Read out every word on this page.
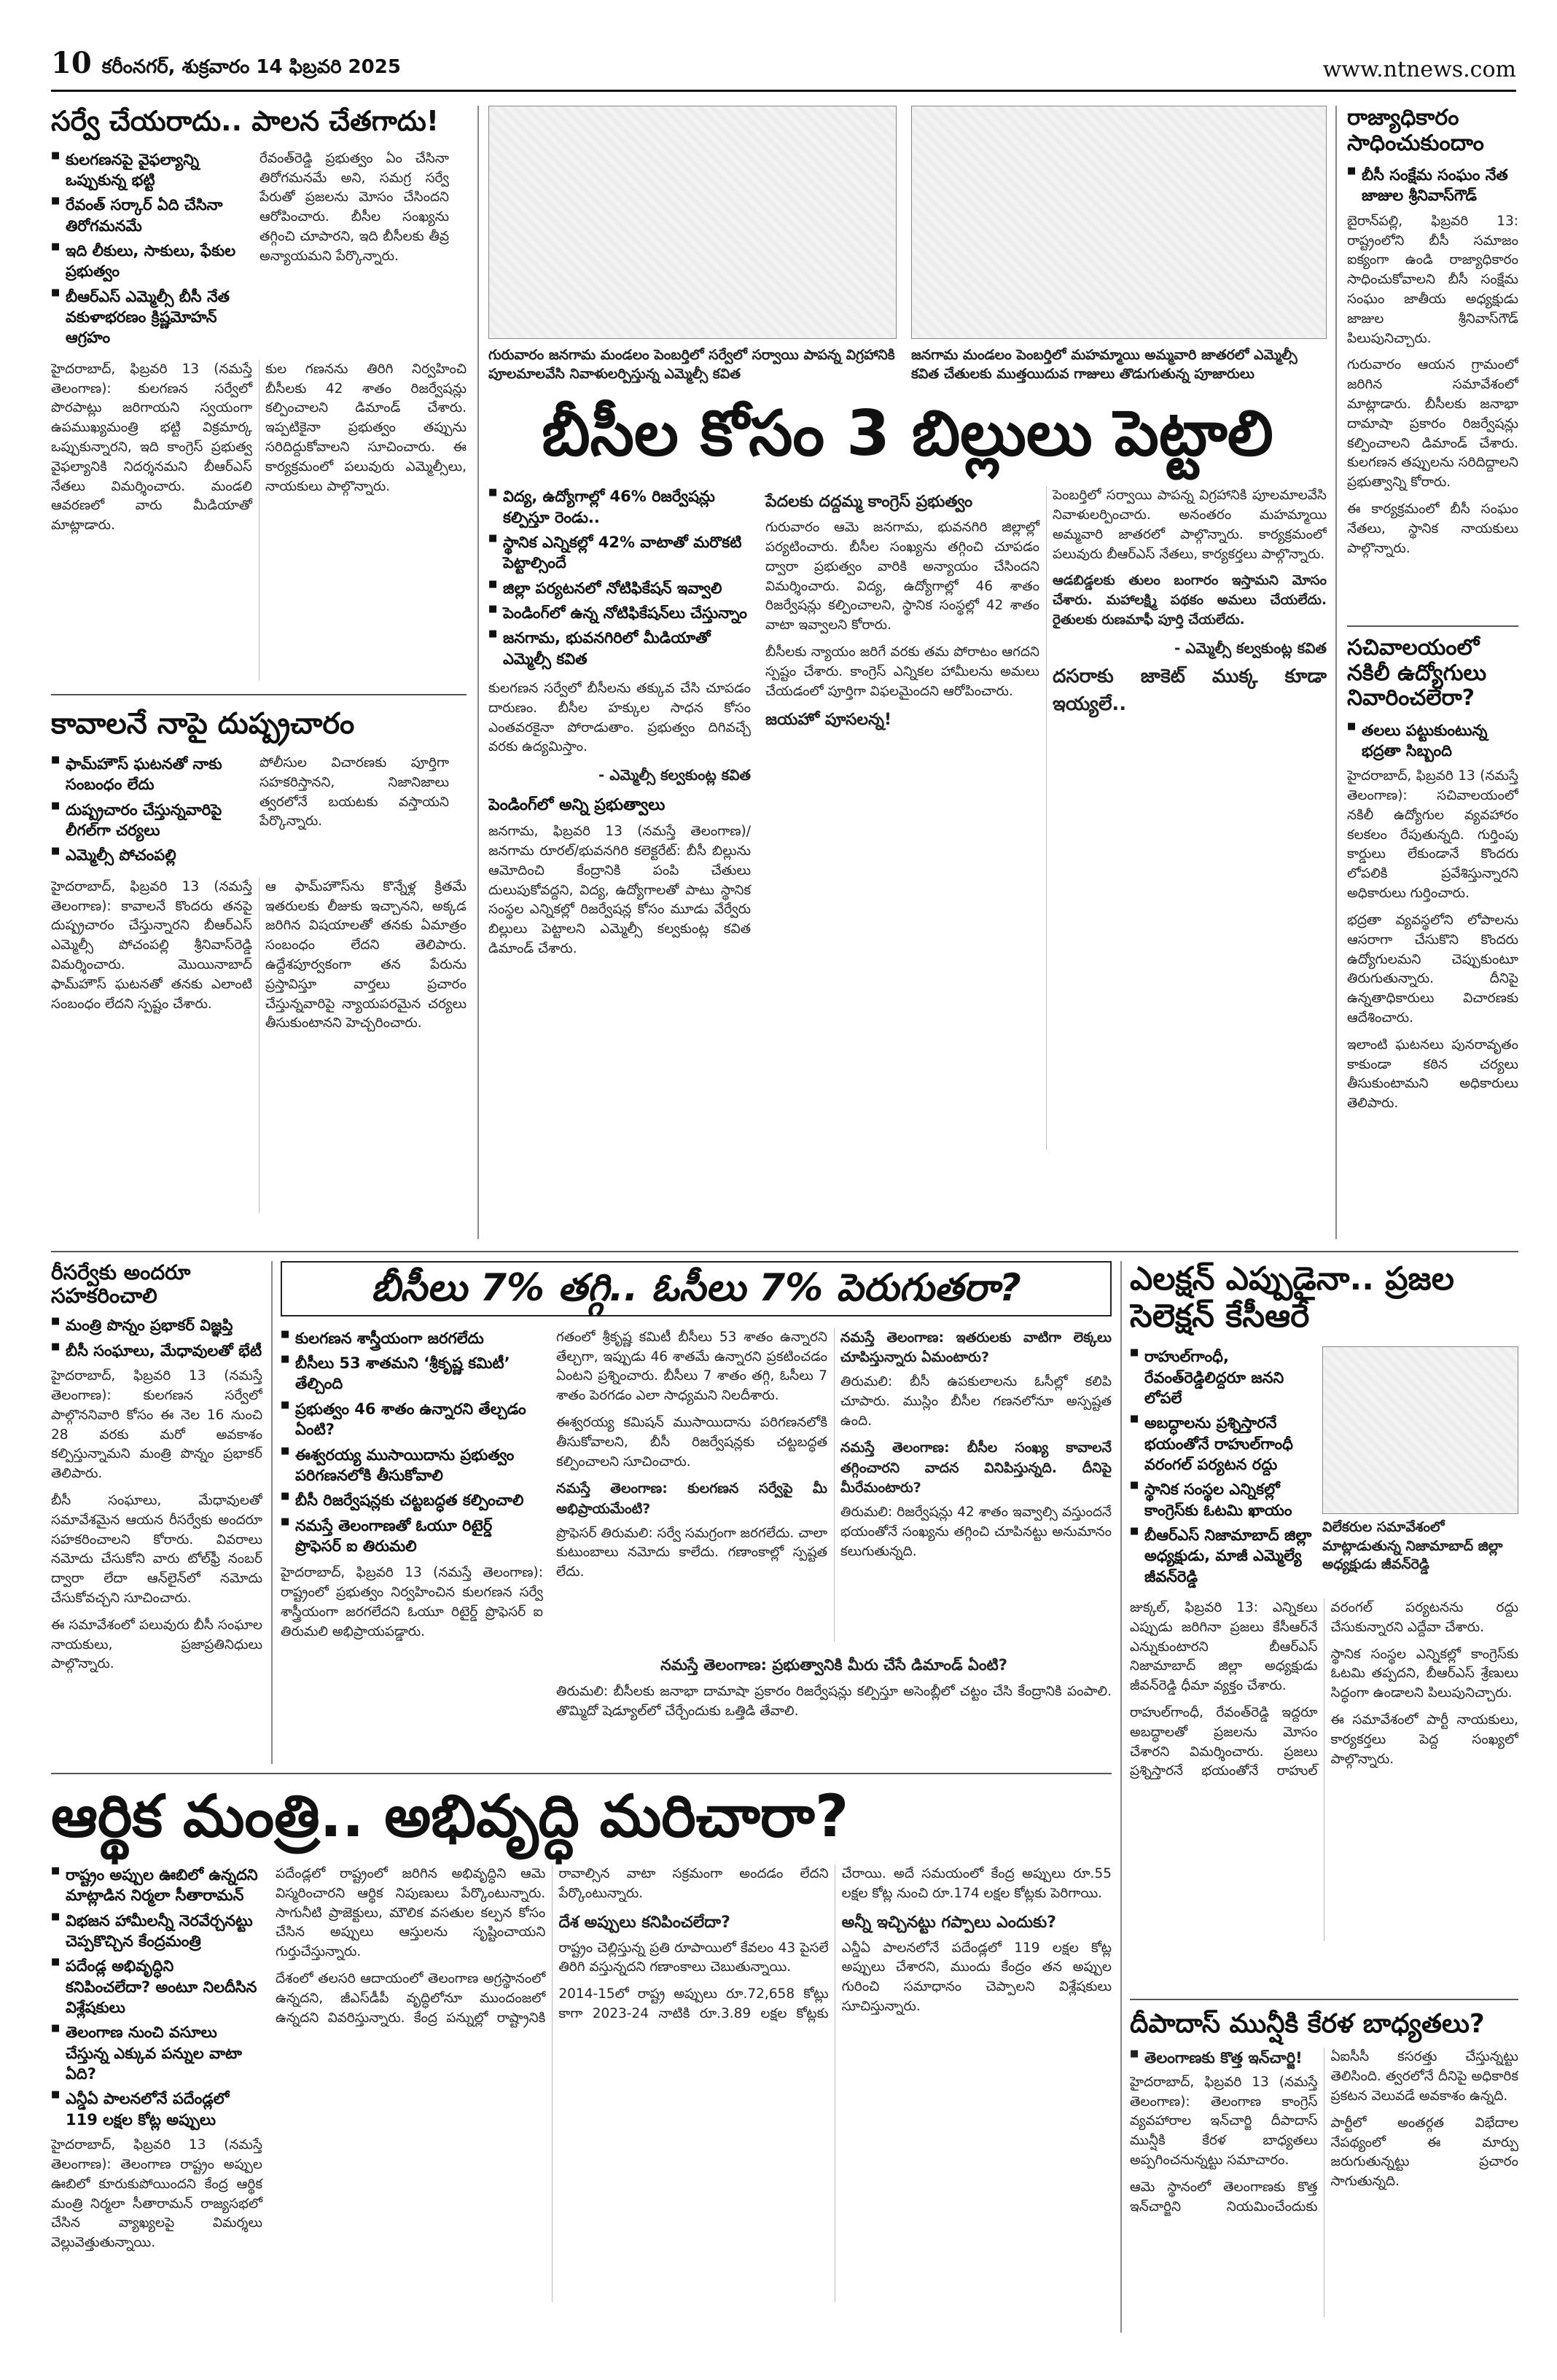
10 కరీంనగర్‌, శుక్రవారం 14 ఫిబ్రవరి 2025	www.ntnews.com
సర్వే చేయరాదు.. పాలన చేతగాదు!
■ కులగణనపై వైఫల్యాన్ని ఒప్పుకున్న భట్టి
■ రేవంత్‌ సర్కార్‌ ఏది చేసినా తిరోగమనమే
■ ఇది లీకులు, సాకులు, ఫేకుల ప్రభుత్వం
■ బీఆర్‌ఎస్‌ ఎమ్మెల్సీ బీసీ నేత వకుళాభరణం క్రిష్ణమోహన్‌ ఆగ్రహం

రేవంత్‌రెడ్డి ప్రభుత్వం ఏం చేసినా తిరోగమనమే అని, సమగ్ర సర్వే పేరుతో ప్రజలను మోసం చేసిందని ఆరోపించారు. బీసీల సంఖ్యను తగ్గించి చూపారని, ఇది బీసీలకు తీవ్ర అన్యాయమని పేర్కొన్నారు.

హైదరాబాద్‌, ఫిబ్రవరి 13 (నమస్తే తెలంగాణ): కులగణన సర్వేలో పొరపాట్లు జరిగాయని స్వయంగా ఉపముఖ్యమంత్రి భట్టి విక్రమార్క ఒప్పుకున్నారని, ఇది కాంగ్రెస్‌ ప్రభుత్వ వైఫల్యానికి నిదర్శనమని బీఆర్‌ఎస్‌ నేతలు విమర్శించారు. మండలి ఆవరణలో వారు మీడియాతో మాట్లాడారు.

కుల గణనను తిరిగి నిర్వహించి బీసీలకు 42 శాతం రిజర్వేషన్లు కల్పించాలని డిమాండ్‌ చేశారు. ఇప్పటికైనా ప్రభుత్వం తప్పును సరిదిద్దుకోవాలని సూచించారు. ఈ కార్యక్రమంలో పలువురు ఎమ్మెల్సీలు, నాయకులు పాల్గొన్నారు.

కావాలనే నాపై దుష్ప్రచారం
■ ఫామ్‌హౌస్‌ ఘటనతో నాకు సంబంధం లేదు
■ దుష్ప్రచారం చేస్తున్నవారిపై లీగల్‌గా చర్యలు
■ ఎమ్మెల్సీ పోచంపల్లి

పోలీసుల విచారణకు పూర్తిగా సహకరిస్తానని, నిజానిజాలు త్వరలోనే బయటకు వస్తాయని పేర్కొన్నారు.

హైదరాబాద్‌, ఫిబ్రవరి 13 (నమస్తే తెలంగాణ): కావాలనే కొందరు తనపై దుష్ప్రచారం చేస్తున్నారని బీఆర్‌ఎస్‌ ఎమ్మెల్సీ పోచంపల్లి శ్రీనివాస్‌రెడ్డి విమర్శించారు. మొయినాబాద్‌ ఫామ్‌హౌస్‌ ఘటనతో తనకు ఎలాంటి సంబంధం లేదని స్పష్టం చేశారు.

ఆ ఫామ్‌హౌస్‌ను కొన్నేళ్ల క్రితమే ఇతరులకు లీజుకు ఇచ్చానని, అక్కడ జరిగిన విషయాలతో తనకు ఏమాత్రం సంబంధం లేదని తెలిపారు. ఉద్దేశపూర్వకంగా తన పేరును ప్రస్తావిస్తూ వార్తలు ప్రచారం చేస్తున్నవారిపై న్యాయపరమైన చర్యలు తీసుకుంటానని హెచ్చరించారు.

గురువారం జనగామ మండలం పెంబర్తిలో సర్వేలో సర్వాయి పాపన్న విగ్రహానికి పూలమాలవేసి నివాళులర్పిస్తున్న ఎమ్మెల్సీ కవిత
జనగామ మండలం పెంబర్తిలో మహమ్మాయి అమ్మవారి జాతరలో ఎమ్మెల్సీ కవిత చేతులకు ముత్తయిదువ గాజులు తొడుగుతున్న పూజారులు
బీసీల కోసం 3 బిల్లులు పెట్టాలి
■ విద్య, ఉద్యోగాల్లో 46% రిజర్వేషన్లు కల్పిస్తూ రెండు..
■ స్థానిక ఎన్నికల్లో 42% వాటాతో మరొకటి పెట్టాల్సిందే
■ జిల్లా పర్యటనలో నోటిఫికేషన్‌ ఇవ్వాలి
■ పెండింగ్‌లో ఉన్న నోటిఫికేషన్‌లు చేస్తున్నాం
■ జనగామ, భువనగిరిలో మీడియాతో ఎమ్మెల్సీ కవిత

కులగణన సర్వేలో బీసీలను తక్కువ చేసి చూపడం దారుణం. బీసీల హక్కుల సాధన కోసం ఎంతవరకైనా పోరాడుతాం. ప్రభుత్వం దిగివచ్చే వరకు ఉద్యమిస్తాం.

- ఎమ్మెల్సీ కల్వకుంట్ల కవిత
పెండింగ్‌లో అన్ని ప్రభుత్వాలు

జనగామ, ఫిబ్రవరి 13 (నమస్తే తెలంగాణ)/జనగామ రూరల్‌/భువనగిరి కలెక్టరేట్‌: బీసీ బిల్లును ఆమోదించి కేంద్రానికి పంపి చేతులు దులుపుకోవద్దని, విద్య, ఉద్యోగాలతో పాటు స్థానిక సంస్థల ఎన్నికల్లో రిజర్వేషన్ల కోసం మూడు వేర్వేరు బిల్లులు పెట్టాలని ఎమ్మెల్సీ కల్వకుంట్ల కవిత డిమాండ్‌ చేశారు.

పేదలకు దద్దమ్మ కాంగ్రెస్‌ ప్రభుత్వం

గురువారం ఆమె జనగామ, భువనగిరి జిల్లాల్లో పర్యటించారు. బీసీల సంఖ్యను తగ్గించి చూపడం ద్వారా ప్రభుత్వం వారికి అన్యాయం చేసిందని విమర్శించారు. విద్య, ఉద్యోగాల్లో 46 శాతం రిజర్వేషన్లు కల్పించాలని, స్థానిక సంస్థల్లో 42 శాతం వాటా ఇవ్వాలని కోరారు.

బీసీలకు న్యాయం జరిగే వరకు తమ పోరాటం ఆగదని స్పష్టం చేశారు. కాంగ్రెస్‌ ఎన్నికల హామీలను అమలు చేయడంలో పూర్తిగా విఫలమైందని ఆరోపించారు.

జయహో పూసలన్న!

పెంబర్తిలో సర్వాయి పాపన్న విగ్రహానికి పూలమాలవేసి నివాళులర్పించారు. అనంతరం మహమ్మాయి అమ్మవారి జాతరలో పాల్గొన్నారు. కార్యక్రమంలో పలువురు బీఆర్‌ఎస్‌ నేతలు, కార్యకర్తలు పాల్గొన్నారు.

ఆడబిడ్డలకు తులం బంగారం ఇస్తామని మోసం చేశారు. మహాలక్ష్మి పథకం అమలు చేయలేదు. రైతులకు రుణమాఫీ పూర్తి చేయలేదు.

- ఎమ్మెల్సీ కల్వకుంట్ల కవిత
దసరాకు జాకెట్‌ ముక్క కూడా ఇయ్యలే..
రాజ్యాధికారం సాధించుకుందాం
■ బీసీ సంక్షేమ సంఘం నేత జాజుల శ్రీనివాస్‌గౌడ్‌

బైరాన్‌పల్లి, ఫిబ్రవరి 13: రాష్ట్రంలోని బీసీ సమాజం ఐక్యంగా ఉండి రాజ్యాధికారం సాధించుకోవాలని బీసీ సంక్షేమ సంఘం జాతీయ అధ్యక్షుడు జాజుల శ్రీనివాస్‌గౌడ్‌ పిలుపునిచ్చారు.

గురువారం ఆయన గ్రామంలో జరిగిన సమావేశంలో మాట్లాడారు. బీసీలకు జనాభా దామాషా ప్రకారం రిజర్వేషన్లు కల్పించాలని డిమాండ్‌ చేశారు. కులగణన తప్పులను సరిదిద్దాలని ప్రభుత్వాన్ని కోరారు.

ఈ కార్యక్రమంలో బీసీ సంఘం నేతలు, స్థానిక నాయకులు పాల్గొన్నారు.

సచివాలయంలో నకిలీ ఉద్యోగులు నివారించలేరా?
■ తలలు పట్టుకుంటున్న భద్రతా సిబ్బంది

హైదరాబాద్‌, ఫిబ్రవరి 13 (నమస్తే తెలంగాణ): సచివాలయంలో నకిలీ ఉద్యోగుల వ్యవహారం కలకలం రేపుతున్నది. గుర్తింపు కార్డులు లేకుండానే కొందరు లోపలికి ప్రవేశిస్తున్నారని అధికారులు గుర్తించారు.

భద్రతా వ్యవస్థలోని లోపాలను ఆసరాగా చేసుకొని కొందరు ఉద్యోగులమని చెప్పుకుంటూ తిరుగుతున్నారు. దీనిపై ఉన్నతాధికారులు విచారణకు ఆదేశించారు.

ఇలాంటి ఘటనలు పునరావృతం కాకుండా కఠిన చర్యలు తీసుకుంటామని అధికారులు తెలిపారు.

రీసర్వేకు అందరూ సహకరించాలి
■ మంత్రి పొన్నం ప్రభాకర్‌ విజ్ఞప్తి
■ బీసీ సంఘాలు, మేధావులతో భేటీ

హైదరాబాద్‌, ఫిబ్రవరి 13 (నమస్తే తెలంగాణ): కులగణన సర్వేలో పాల్గొననివారి కోసం ఈ నెల 16 నుంచి 28 వరకు మరో అవకాశం కల్పిస్తున్నామని మంత్రి పొన్నం ప్రభాకర్‌ తెలిపారు.

బీసీ సంఘాలు, మేధావులతో సమావేశమైన ఆయన రీసర్వేకు అందరూ సహకరించాలని కోరారు. వివరాలు నమోదు చేసుకోని వారు టోల్‌ఫ్రీ నంబర్‌ ద్వారా లేదా ఆన్‌లైన్‌లో నమోదు చేసుకోవచ్చని సూచించారు.

ఈ సమావేశంలో పలువురు బీసీ సంఘాల నాయకులు, ప్రజాప్రతినిధులు పాల్గొన్నారు.

బీసీలు 7% తగ్గి.. ఓసీలు 7% పెరుగుతరా?
■ కులగణన శాస్త్రీయంగా జరగలేదు
■ బీసీలు 53 శాతమని ‘శ్రీకృష్ణ కమిటీ’ తేల్చింది
■ ప్రభుత్వం 46 శాతం ఉన్నారని తేల్చడం ఏంటి?
■ ఈశ్వరయ్య ముసాయిదాను ప్రభుత్వం పరిగణనలోకి తీసుకోవాలి
■ బీసీ రిజర్వేషన్లకు చట్టబద్ధత కల్పించాలి
■ నమస్తే తెలంగాణతో ఓయూ రిటైర్డ్‌ ప్రొఫెసర్‌ ఐ తిరుమలి

హైదరాబాద్‌, ఫిబ్రవరి 13 (నమస్తే తెలంగాణ): రాష్ట్రంలో ప్రభుత్వం నిర్వహించిన కులగణన సర్వే శాస్త్రీయంగా జరగలేదని ఓయూ రిటైర్డ్‌ ప్రొఫెసర్‌ ఐ తిరుమలి అభిప్రాయపడ్డారు.

గతంలో శ్రీకృష్ణ కమిటీ బీసీలు 53 శాతం ఉన్నారని తేల్చగా, ఇప్పుడు 46 శాతమే ఉన్నారని ప్రకటించడం ఏంటని ప్రశ్నించారు. బీసీలు 7 శాతం తగ్గి, ఓసీలు 7 శాతం పెరగడం ఎలా సాధ్యమని నిలదీశారు.

ఈశ్వరయ్య కమిషన్‌ ముసాయిదాను పరిగణనలోకి తీసుకోవాలని, బీసీ రిజర్వేషన్లకు చట్టబద్ధత కల్పించాలని సూచించారు.

నమస్తే తెలంగాణ: కులగణన సర్వేపై మీ అభిప్రాయమేంటి?

ప్రొఫెసర్‌ తిరుమలి: సర్వే సమగ్రంగా జరగలేదు. చాలా కుటుంబాలు నమోదు కాలేదు. గణాంకాల్లో స్పష్టత లేదు.

నమస్తే తెలంగాణ: ఇతరులకు వాటిగా లెక్కలు చూపిస్తున్నారు ఏమంటారు?

తిరుమలి: బీసీ ఉపకులాలను ఓసీల్లో కలిపి చూపారు. ముస్లిం బీసీల గణనలోనూ అస్పష్టత ఉంది.

నమస్తే తెలంగాణ: బీసీల సంఖ్య కావాలనే తగ్గించారని వాదన వినిపిస్తున్నది. దీనిపై మీరేమంటారు?

తిరుమలి: రిజర్వేషన్లు 42 శాతం ఇవ్వాల్సి వస్తుందనే భయంతోనే సంఖ్యను తగ్గించి చూపినట్టు అనుమానం కలుగుతున్నది.

నమస్తే తెలంగాణ: ప్రభుత్వానికి మీరు చేసే డిమాండ్‌ ఏంటి?

తిరుమలి: బీసీలకు జనాభా దామాషా ప్రకారం రిజర్వేషన్లు కల్పిస్తూ అసెంబ్లీలో చట్టం చేసి కేంద్రానికి పంపాలి. తొమ్మిదో షెడ్యూల్‌లో చేర్చేందుకు ఒత్తిడి తేవాలి.

ఎలక్షన్‌ ఎప్పుడైనా.. ప్రజల సెలెక్షన్‌ కేసీఆరే
■ రాహుల్‌గాంధీ, రేవంత్‌రెడ్డిలిద్దరూ జనని లోపలే
■ అబద్ధాలను ప్రశ్నిస్తారనే భయంతోనే రాహుల్‌గాంధీ వరంగల్‌ పర్యటన రద్దు
■ స్థానిక సంస్థల ఎన్నికల్లో కాంగ్రెస్‌కు ఓటమి ఖాయం
■ బీఆర్‌ఎస్‌ నిజామాబాద్‌ జిల్లా అధ్యక్షుడు, మాజీ ఎమ్మెల్యే జీవన్‌రెడ్డి
విలేకరుల సమావేశంలో మాట్లాడుతున్న నిజామాబాద్‌ జిల్లా అధ్యక్షుడు జీవన్‌రెడ్డి

జుక్కల్‌, ఫిబ్రవరి 13: ఎన్నికలు ఎప్పుడు జరిగినా ప్రజలు కేసీఆర్‌నే ఎన్నుకుంటారని బీఆర్‌ఎస్‌ నిజామాబాద్‌ జిల్లా అధ్యక్షుడు జీవన్‌రెడ్డి ధీమా వ్యక్తం చేశారు.

రాహుల్‌గాంధీ, రేవంత్‌రెడ్డి ఇద్దరూ అబద్ధాలతో ప్రజలను మోసం చేశారని విమర్శించారు. ప్రజలు ప్రశ్నిస్తారనే భయంతోనే రాహుల్‌ వరంగల్‌ పర్యటనను రద్దు చేసుకున్నారని ఎద్దేవా చేశారు.

స్థానిక సంస్థల ఎన్నికల్లో కాంగ్రెస్‌కు ఓటమి తప్పదని, బీఆర్‌ఎస్‌ శ్రేణులు సిద్ధంగా ఉండాలని పిలుపునిచ్చారు.

ఈ సమావేశంలో పార్టీ నాయకులు, కార్యకర్తలు పెద్ద సంఖ్యలో పాల్గొన్నారు.

ఆర్థిక మంత్రి.. అభివృద్ధి మరిచారా?
■ రాష్ట్రం అప్పుల ఊబిలో ఉన్నదని మాట్లాడిన నిర్మలా సీతారామన్‌
■ విభజన హామీలన్నీ నెరవేర్చనట్టు చెప్పకొచ్చిన కేంద్రమంత్రి
■ పదేండ్ల అభివృద్ధిని కనిపించలేదా? అంటూ నిలదీసిన విశ్లేషకులు
■ తెలంగాణ నుంచి వసూలు చేస్తున్న ఎక్కువ పన్నుల వాటా ఏది?
■ ఎన్డీఏ పాలనలోనే పదేండ్లలో 119 లక్షల కోట్ల అప్పులు

హైదరాబాద్‌, ఫిబ్రవరి 13 (నమస్తే తెలంగాణ): తెలంగాణ రాష్ట్రం అప్పుల ఊబిలో కూరుకుపోయిందని కేంద్ర ఆర్థిక మంత్రి నిర్మలా సీతారామన్‌ రాజ్యసభలో చేసిన వ్యాఖ్యలపై విమర్శలు వెల్లువెత్తుతున్నాయి.

పదేండ్లలో రాష్ట్రంలో జరిగిన అభివృద్ధిని ఆమె విస్మరించారని ఆర్థిక నిపుణులు పేర్కొంటున్నారు. సాగునీటి ప్రాజెక్టులు, మౌలిక వసతుల కల్పన కోసం చేసిన అప్పులు ఆస్తులను సృష్టించాయని గుర్తుచేస్తున్నారు.

దేశంలో తలసరి ఆదాయంలో తెలంగాణ అగ్రస్థానంలో ఉన్నదని, జీఎస్‌డీపీ వృద్ధిలోనూ ముందంజలో ఉన్నదని వివరిస్తున్నారు. కేంద్ర పన్నుల్లో రాష్ట్రానికి రావాల్సిన వాటా సక్రమంగా అందడం లేదని పేర్కొంటున్నారు.

దేశ అప్పులు కనిపించలేదా?

రాష్ట్రం చెల్లిస్తున్న ప్రతి రూపాయిలో కేవలం 43 పైసలే తిరిగి వస్తున్నదని గణాంకాలు చెబుతున్నాయి.

2014-15లో రాష్ట్ర అప్పులు రూ.72,658 కోట్లు కాగా 2023-24 నాటికి రూ.3.89 లక్షల కోట్లకు చేరాయి. అదే సమయంలో కేంద్ర అప్పులు రూ.55 లక్షల కోట్ల నుంచి రూ.174 లక్షల కోట్లకు పెరిగాయి.

అన్నీ ఇచ్చినట్టు గప్పాలు ఎందుకు?

ఎన్డీఏ పాలనలోనే పదేండ్లలో 119 లక్షల కోట్ల అప్పులు చేశారని, ముందు కేంద్రం తన అప్పుల గురించి సమాధానం చెప్పాలని విశ్లేషకులు సూచిస్తున్నారు.

దీపాదాస్‌ మున్షీకి కేరళ బాధ్యతలు?
■ తెలంగాణకు కొత్త ఇన్‌చార్జి!

హైదరాబాద్‌, ఫిబ్రవరి 13 (నమస్తే తెలంగాణ): తెలంగాణ కాంగ్రెస్‌ వ్యవహారాల ఇన్‌చార్జి దీపాదాస్‌ మున్షీకి కేరళ బాధ్యతలు అప్పగించనున్నట్టు సమాచారం.

ఆమె స్థానంలో తెలంగాణకు కొత్త ఇన్‌చార్జిని నియమించేందుకు ఏఐసీసీ కసరత్తు చేస్తున్నట్టు తెలిసింది. త్వరలోనే దీనిపై అధికారిక ప్రకటన వెలువడే అవకాశం ఉన్నది.

పార్టీలో అంతర్గత విభేదాల నేపథ్యంలో ఈ మార్పు జరుగుతున్నట్టు ప్రచారం సాగుతున్నది.
